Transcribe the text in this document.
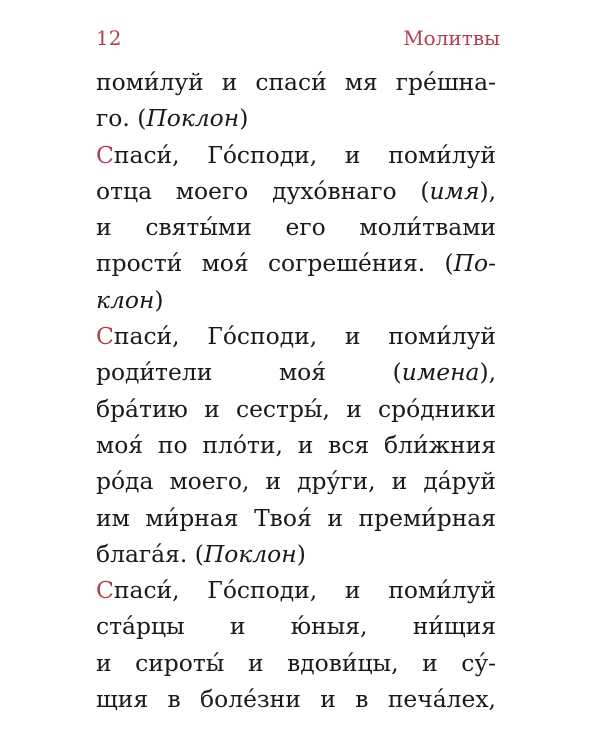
12	Молитвы
поми́луй и спаси́ мя гре́шна-
го. (Поклон)
Спаси́, Го́споди, и поми́луй
отца моего духо́внаго (имя),
и святы́ми его моли́твами
прости́ моя́ согреше́ния. (По-
клон)
Спаси́, Го́споди, и поми́луй
роди́тели моя́ (имена),
бра́тию и сестры́, и сро́дники
моя́ по пло́ти, и вся бли́жния
ро́да моего, и дру́ги, и да́руй
им ми́рная Твоя́ и преми́рная
блага́я. (Поклон)
Спаси́, Го́споди, и поми́луй
ста́рцы и ю́ныя, ни́щия
и сироты́ и вдови́цы, и су́-
щия в боле́зни и в печа́лех,
